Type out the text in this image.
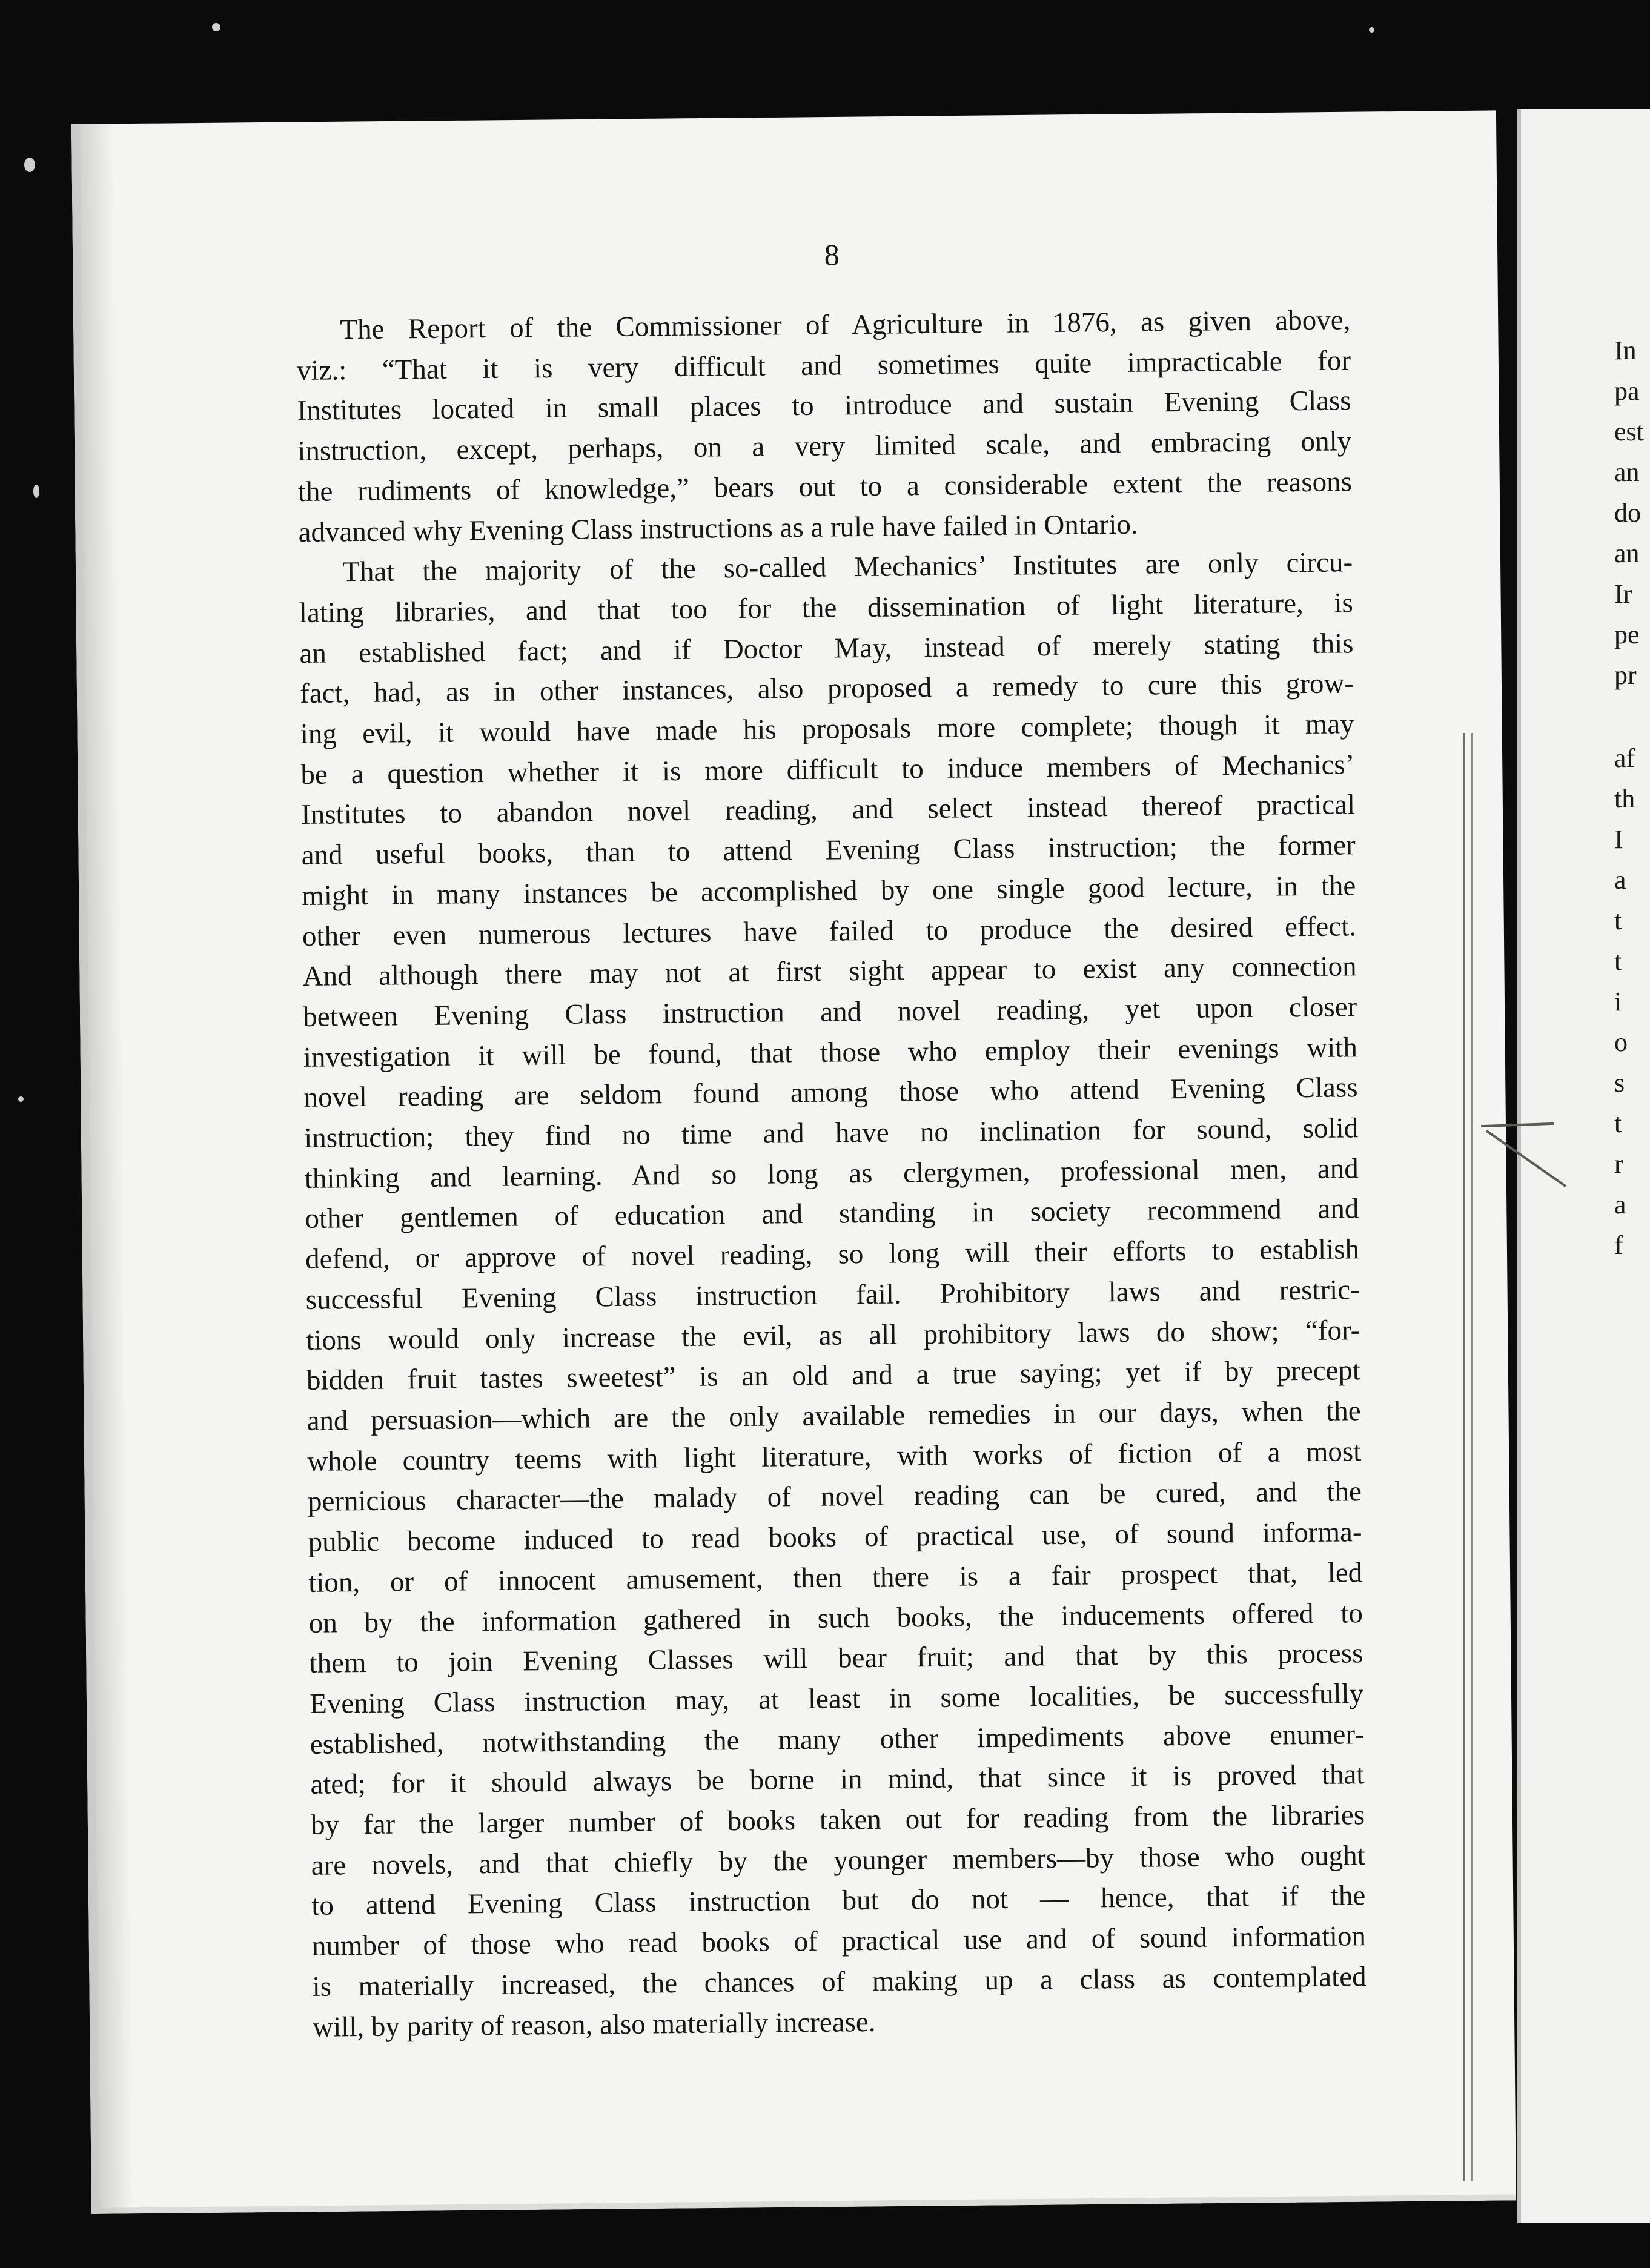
In
pa
est
an
do
an
Ir
pe
pr
af
th
I
a
t
t
i
o
s
t
r
a
f
8
The Report of the Commissioner of Agriculture in 1876, as given above,
viz.: “That it is very difficult and sometimes quite impracticable for
Institutes located in small places to introduce and sustain Evening Class
instruction, except, perhaps, on a very limited scale, and embracing only
the rudiments of knowledge,” bears out to a considerable extent the reasons
advanced why Evening Class instructions as a rule have failed in Ontario.
That the majority of the so-called Mechanics’ Institutes are only circu-
lating libraries, and that too for the dissemination of light literature, is
an established fact; and if Doctor May, instead of merely stating this
fact, had, as in other instances, also proposed a remedy to cure this grow-
ing evil, it would have made his proposals more complete; though it may
be a question whether it is more difficult to induce members of Mechanics’
Institutes to abandon novel reading, and select instead thereof practical
and useful books, than to attend Evening Class instruction; the former
might in many instances be accomplished by one single good lecture, in the
other even numerous lectures have failed to produce the desired effect.
And although there may not at first sight appear to exist any connection
between Evening Class instruction and novel reading, yet upon closer
investigation it will be found, that those who employ their evenings with
novel reading are seldom found among those who attend Evening Class
instruction; they find no time and have no inclination for sound, solid
thinking and learning. And so long as clergymen, professional men, and
other gentlemen of education and standing in society recommend and
defend, or approve of novel reading, so long will their efforts to establish
successful Evening Class instruction fail. Prohibitory laws and restric-
tions would only increase the evil, as all prohibitory laws do show; “for-
bidden fruit tastes sweetest” is an old and a true saying; yet if by precept
and persuasion—which are the only available remedies in our days, when the
whole country teems with light literature, with works of fiction of a most
pernicious character—the malady of novel reading can be cured, and the
public become induced to read books of practical use, of sound informa-
tion, or of innocent amusement, then there is a fair prospect that, led
on by the information gathered in such books, the inducements offered to
them to join Evening Classes will bear fruit; and that by this process
Evening Class instruction may, at least in some localities, be successfully
established, notwithstanding the many other impediments above enumer-
ated; for it should always be borne in mind, that since it is proved that
by far the larger number of books taken out for reading from the libraries
are novels, and that chiefly by the younger members—by those who ought
to attend Evening Class instruction but do not — hence, that if the
number of those who read books of practical use and of sound information
is materially increased, the chances of making up a class as contemplated
will, by parity of reason, also materially increase.
